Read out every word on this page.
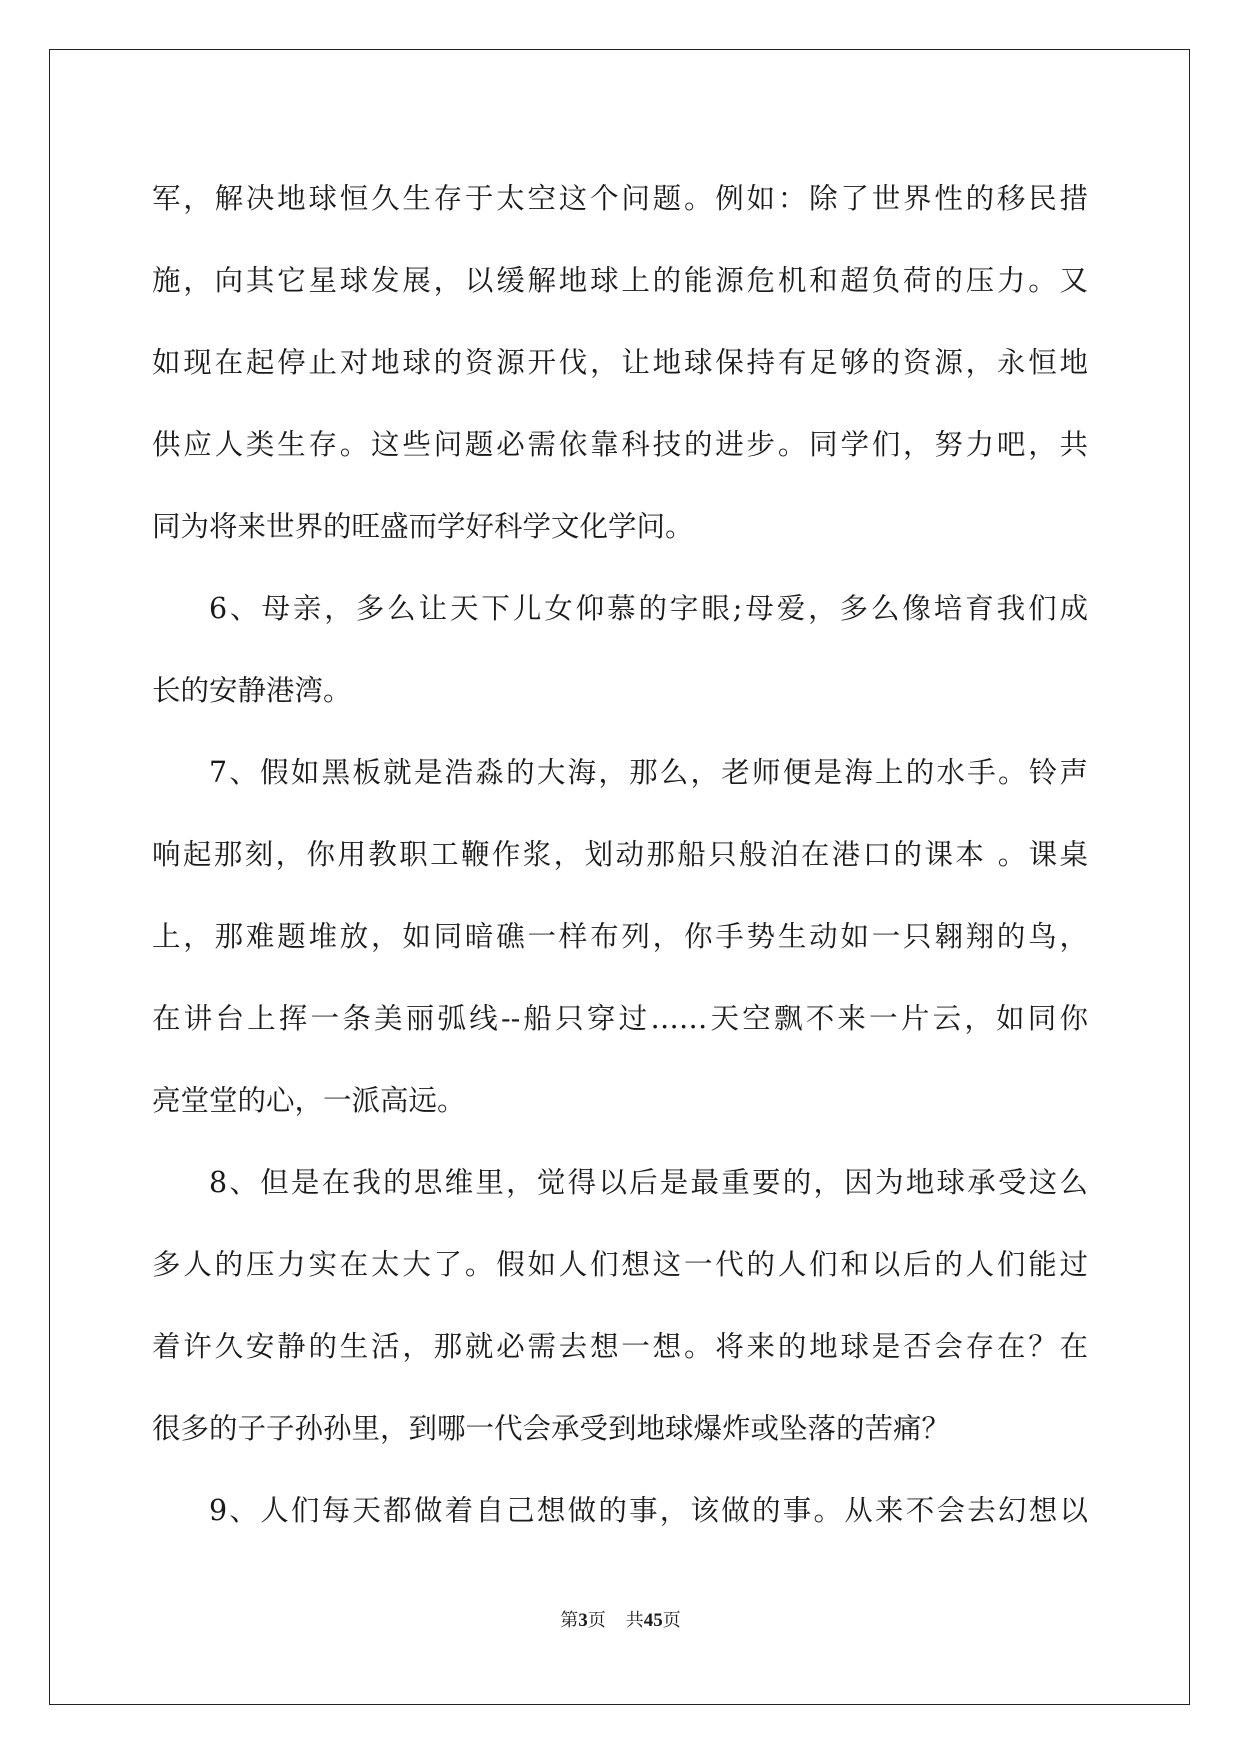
军，解决地球恒久生存于太空这个问题。例如：除了世界性的移民措
施，向其它星球发展，以缓解地球上的能源危机和超负荷的压力。又
如现在起停止对地球的资源开伐，让地球保持有足够的资源，永恒地
供应人类生存。这些问题必需依靠科技的进步。同学们，努力吧，共
同为将来世界的旺盛而学好科学文化学问。
6、母亲，多么让天下儿女仰慕的字眼;母爱，多么像培育我们成
长的安静港湾。
7、假如黑板就是浩淼的大海，那么，老师便是海上的水手。铃声
响起那刻，你用教职工鞭作浆，划动那船只般泊在港口的课本 。课桌
上，那难题堆放，如同暗礁一样布列，你手势生动如一只翱翔的鸟，
在讲台上挥一条美丽弧线--船只穿过……天空飘不来一片云，如同你
亮堂堂的心，一派高远。
8、但是在我的思维里，觉得以后是最重要的，因为地球承受这么
多人的压力实在太大了。假如人们想这一代的人们和以后的人们能过
着许久安静的生活，那就必需去想一想。将来的地球是否会存在？在
很多的子子孙孙里，到哪一代会承受到地球爆炸或坠落的苦痛？
9、人们每天都做着自己想做的事，该做的事。从来不会去幻想以
第3页 共45页
